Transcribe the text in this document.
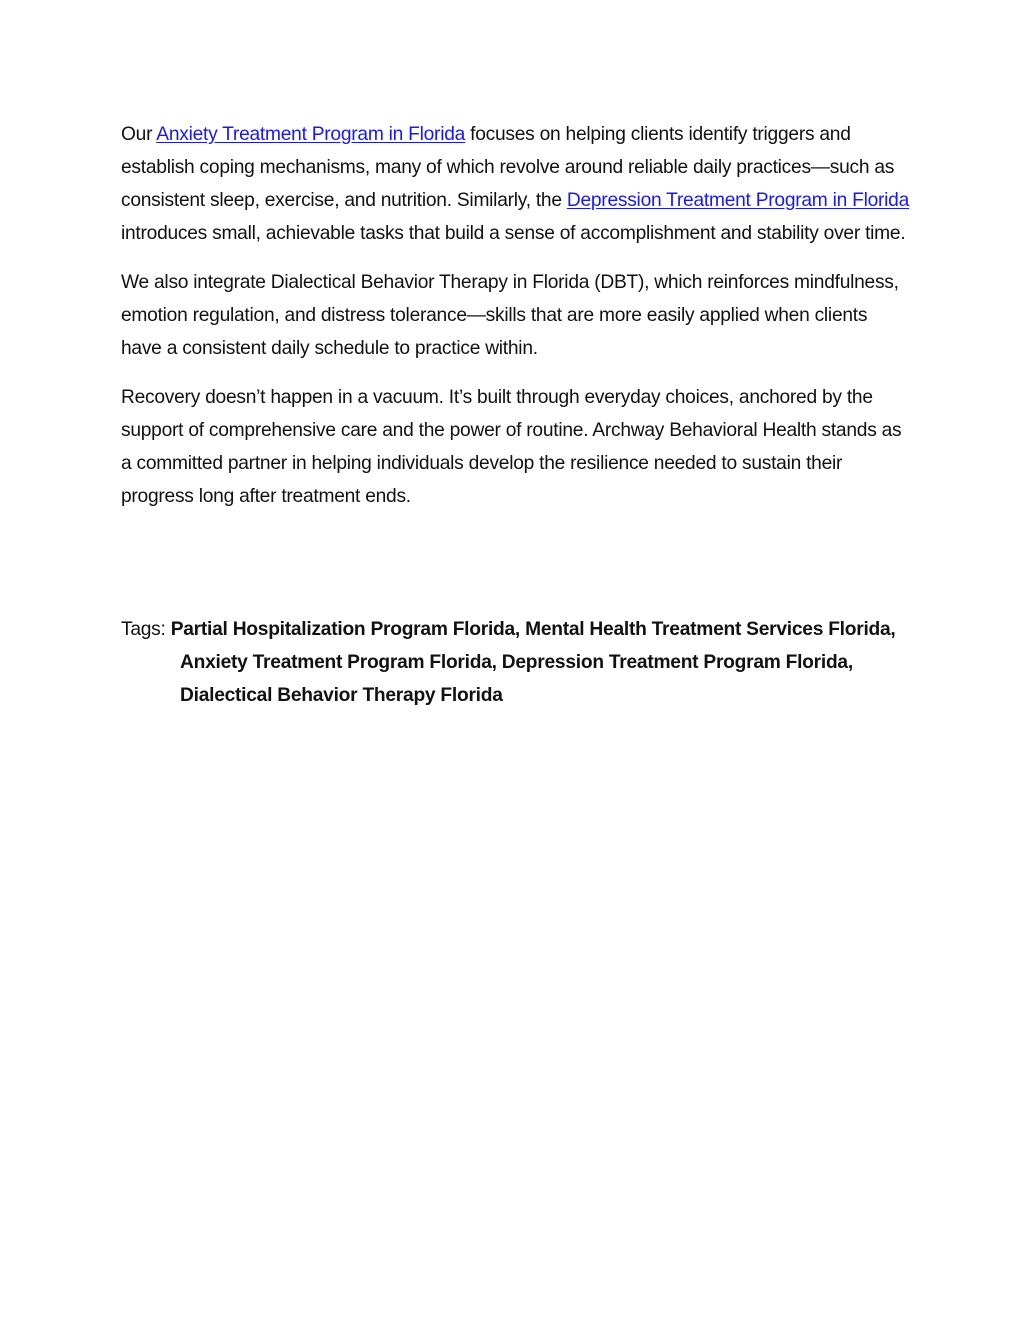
Our Anxiety Treatment Program in Florida focuses on helping clients identify triggers and establish coping mechanisms, many of which revolve around reliable daily practices—such as consistent sleep, exercise, and nutrition. Similarly, the Depression Treatment Program in Florida introduces small, achievable tasks that build a sense of accomplishment and stability over time.

We also integrate Dialectical Behavior Therapy in Florida (DBT), which reinforces mindfulness, emotion regulation, and distress tolerance—skills that are more easily applied when clients have a consistent daily schedule to practice within.

Recovery doesn’t happen in a vacuum. It’s built through everyday choices, anchored by the support of comprehensive care and the power of routine. Archway Behavioral Health stands as a committed partner in helping individuals develop the resilience needed to sustain their progress long after treatment ends.

Tags: Partial Hospitalization Program Florida, Mental Health Treatment Services Florida, Anxiety Treatment Program Florida, Depression Treatment Program Florida, Dialectical Behavior Therapy Florida
